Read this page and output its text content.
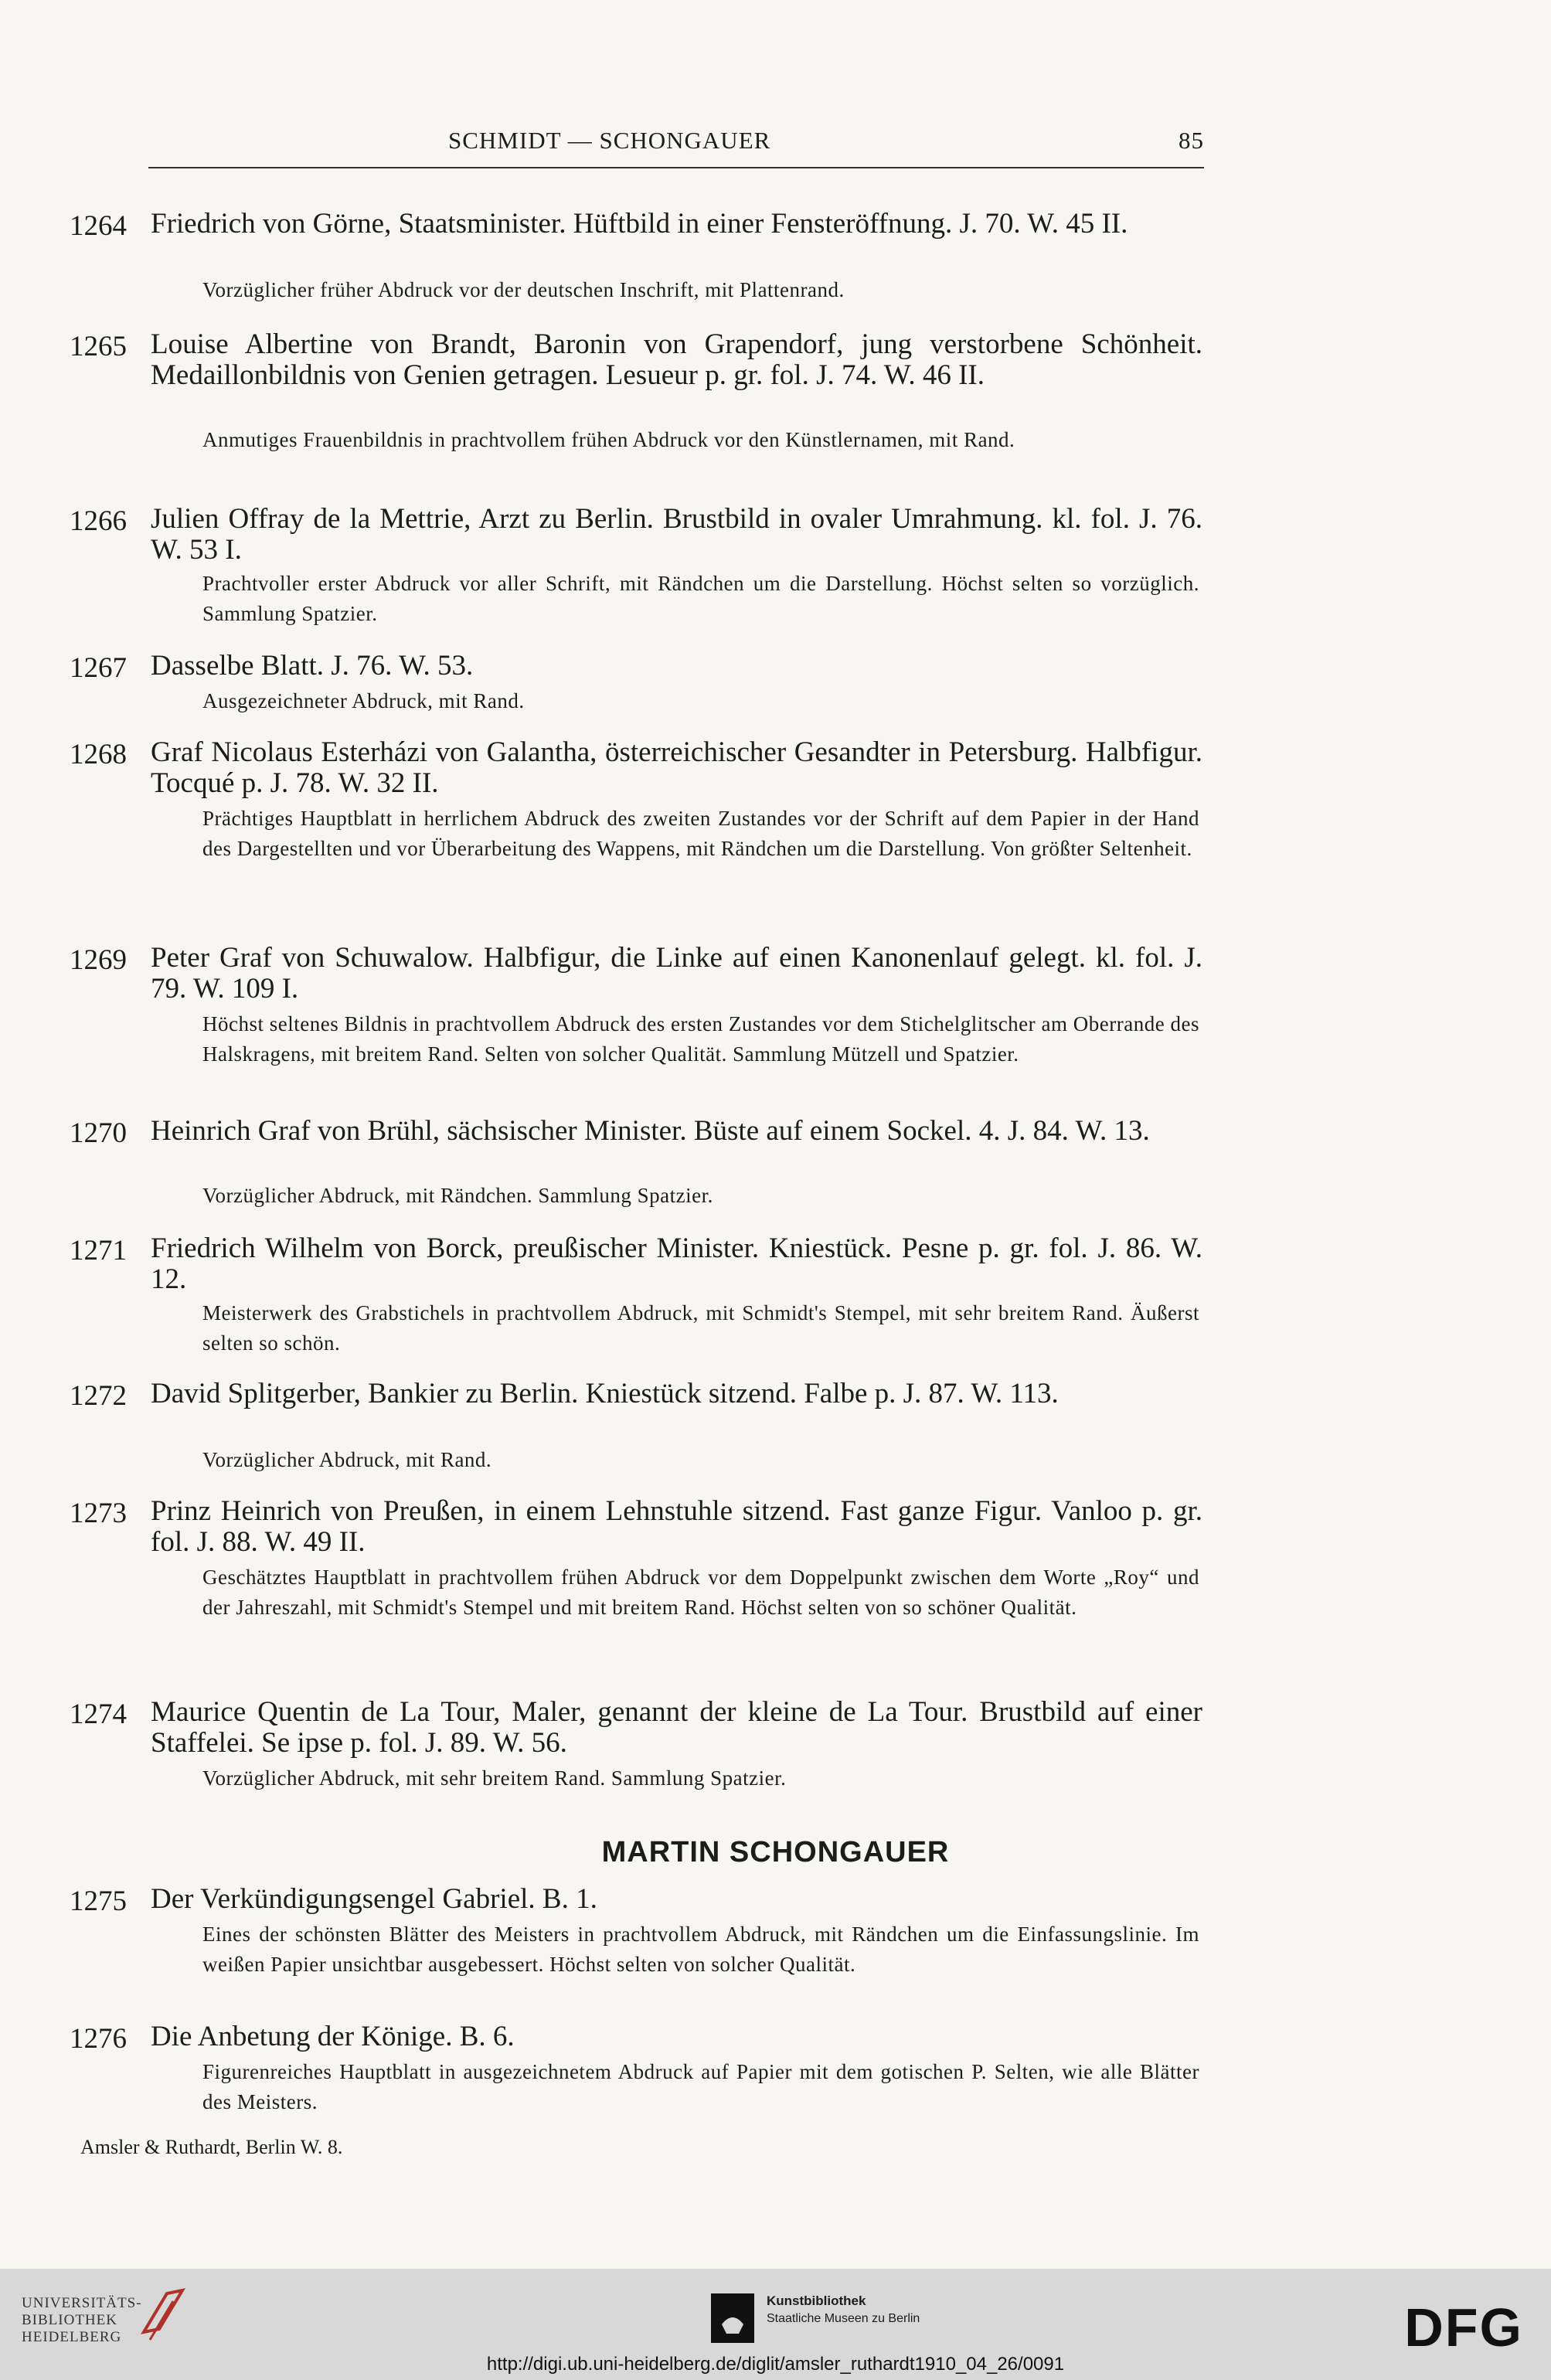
SCHMIDT — SCHONGAUER	85
1264 Friedrich von Görne, Staatsminister. Hüftbild in einer Fensteröffnung. J. 70. W. 45 II.
Vorzüglicher früher Abdruck vor der deutschen Inschrift, mit Plattenrand.
1265 Louise Albertine von Brandt, Baronin von Grapendorf, jung verstorbene Schönheit. Medaillonbildnis von Genien getragen. Lesueur p. gr. fol. J. 74. W. 46 II.
Anmutiges Frauenbildnis in prachtvollem frühen Abdruck vor den Künstlernamen, mit Rand.
1266 Julien Offray de la Mettrie, Arzt zu Berlin. Brustbild in ovaler Umrahmung. kl. fol. J. 76. W. 53 I.
Prachtvoller erster Abdruck vor aller Schrift, mit Rändchen um die Darstellung. Höchst selten so vorzüglich. Sammlung Spatzier.
1267 Dasselbe Blatt. J. 76. W. 53.
Ausgezeichneter Abdruck, mit Rand.
1268 Graf Nicolaus Esterházi von Galantha, österreichischer Gesandter in Petersburg. Halbfigur. Tocqué p. J. 78. W. 32 II.
Prächtiges Hauptblatt in herrlichem Abdruck des zweiten Zustandes vor der Schrift auf dem Papier in der Hand des Dargestellten und vor Überarbeitung des Wappens, mit Rändchen um die Darstellung. Von größter Seltenheit.
1269 Peter Graf von Schuwalow. Halbfigur, die Linke auf einen Kanonenlauf gelegt. kl. fol. J. 79. W. 109 I.
Höchst seltenes Bildnis in prachtvollem Abdruck des ersten Zustandes vor dem Stichelglitscher am Oberrande des Halskragens, mit breitem Rand. Selten von solcher Qualität. Sammlung Mützell und Spatzier.
1270 Heinrich Graf von Brühl, sächsischer Minister. Büste auf einem Sockel. 4. J. 84. W. 13.
Vorzüglicher Abdruck, mit Rändchen. Sammlung Spatzier.
1271 Friedrich Wilhelm von Borck, preußischer Minister. Kniestück. Pesne p. gr. fol. J. 86. W. 12.
Meisterwerk des Grabstichels in prachtvollem Abdruck, mit Schmidt's Stempel, mit sehr breitem Rand. Äußerst selten so schön.
1272 David Splitgerber, Bankier zu Berlin. Kniestück sitzend. Falbe p. J. 87. W. 113.
Vorzüglicher Abdruck, mit Rand.
1273 Prinz Heinrich von Preußen, in einem Lehnstuhle sitzend. Fast ganze Figur. Vanloo p. gr. fol. J. 88. W. 49 II.
Geschätztes Hauptblatt in prachtvollem frühen Abdruck vor dem Doppelpunkt zwischen dem Worte „Roy“ und der Jahreszahl, mit Schmidt's Stempel und mit breitem Rand. Höchst selten von so schöner Qualität.
1274 Maurice Quentin de La Tour, Maler, genannt der kleine de La Tour. Brustbild auf einer Staffelei. Se ipse p. fol. J. 89. W. 56.
Vorzüglicher Abdruck, mit sehr breitem Rand. Sammlung Spatzier.
MARTIN SCHONGAUER
1275 Der Verkündigungsengel Gabriel. B. 1.
Eines der schönsten Blätter des Meisters in prachtvollem Abdruck, mit Rändchen um die Einfassungslinie. Im weißen Papier unsichtbar ausgebessert. Höchst selten von solcher Qualität.
1276 Die Anbetung der Könige. B. 6.
Figurenreiches Hauptblatt in ausgezeichnetem Abdruck auf Papier mit dem gotischen P. Selten, wie alle Blätter des Meisters.
Amsler & Ruthardt, Berlin W. 8.
UNIVERSITÄTS-
BIBLIOTHEK
HEIDELBERG
Kunstbibliothek
Staatliche Museen zu Berlin	DFG
http://digi.ub.uni-heidelberg.de/diglit/amsler_ruthardt1910_04_26/0091
